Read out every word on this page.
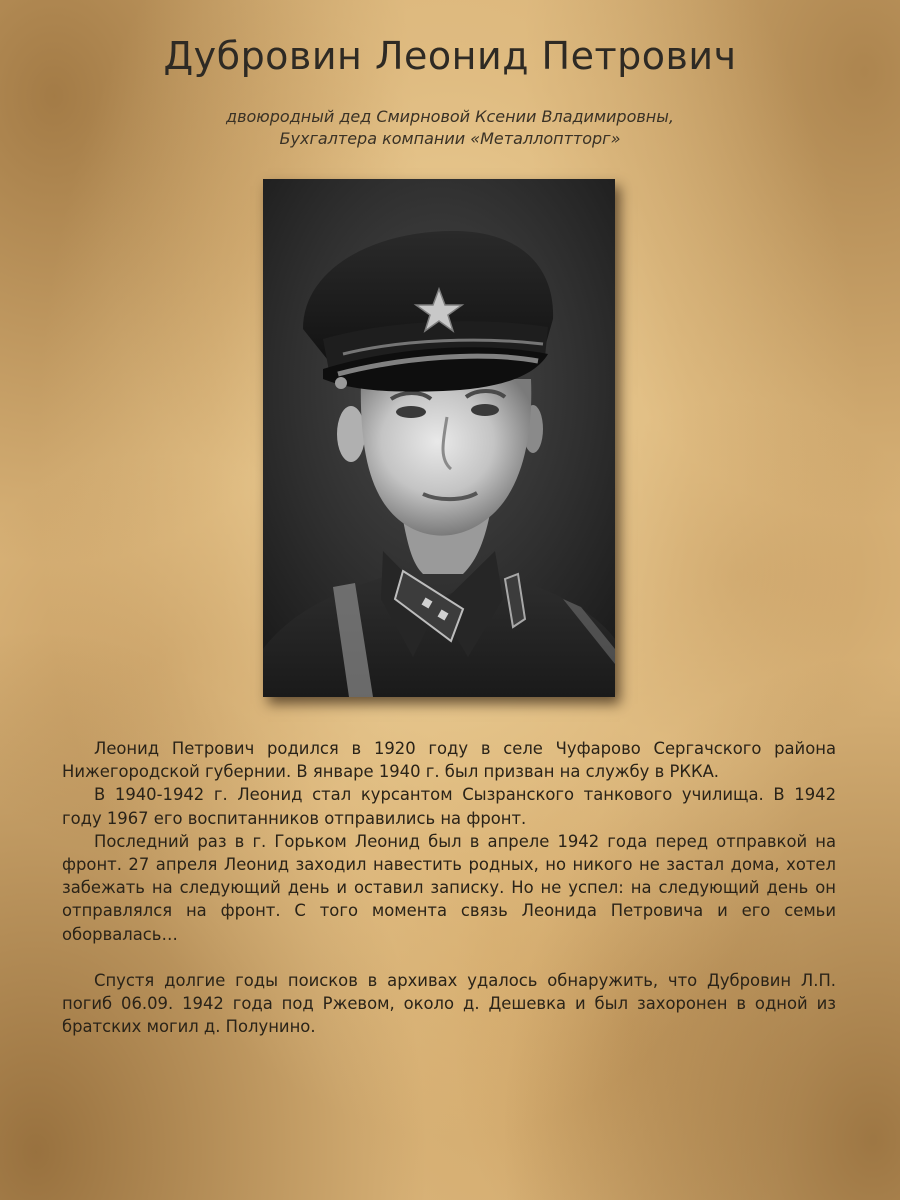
Дубровин Леонид Петрович
двоюродный дед Смирновой Ксении Владимировны,
Бухгалтера компании «Металлоптторг»

Леонид Петрович родился в 1920 году в селе Чуфарово Сергачского района Нижегородской губернии. В январе 1940 г. был призван на службу в РККА.

В 1940-1942 г. Леонид стал курсантом Сызранского танкового училища. В 1942 году 1967 его воспитанников отправились на фронт.

Последний раз в г. Горьком Леонид был в апреле 1942 года перед отправкой на фронт. 27 апреля Леонид заходил навестить родных, но никого не застал дома, хотел забежать на следующий день и оставил записку. Но не успел: на следующий день он отправлялся на фронт. С того момента связь Леонида Петровича и его семьи оборвалась…

Спустя долгие годы поисков в архивах удалось обнаружить, что Дубровин Л.П. погиб 06.09. 1942 года под Ржевом, около д. Дешевка и был захоронен в одной из братских могил д. Полунино.
